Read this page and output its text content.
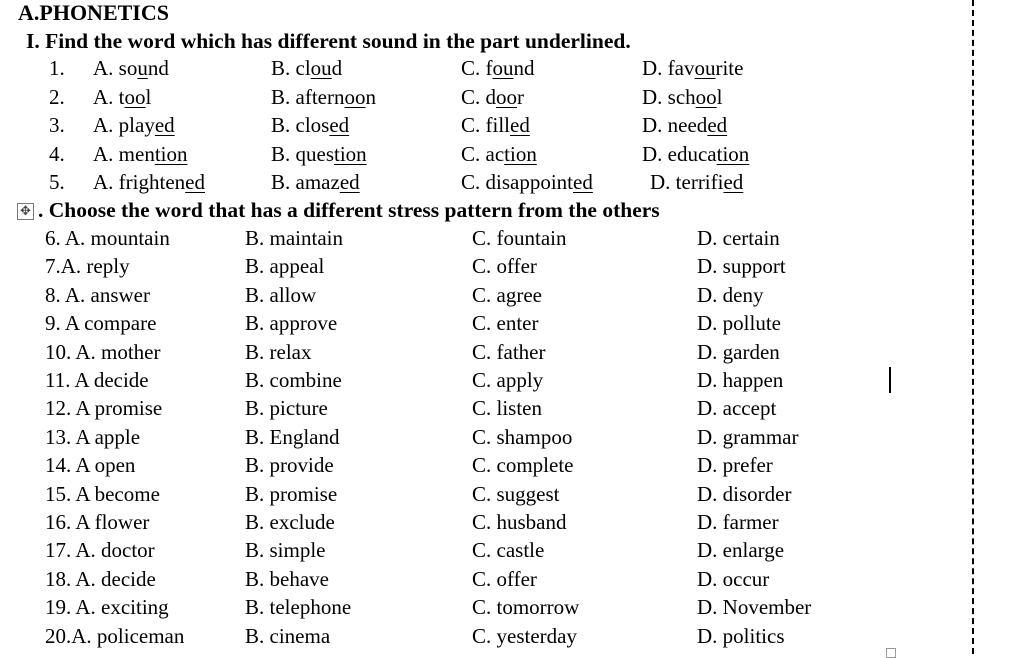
A.PHONETICS
I. Find the word which has different sound in the part underlined.
1. A. sound	B. cloud	C. found	D. favourite
2. A. tool	B. afternoon	C. door	D. school
3. A. played	B. closed	C. filled	D. needed
4. A. mention	B. question	C. action	D. education
5. A. frightened	B. amazed	C. disappointed	D. terrified
✥ . Choose the word that has a different stress pattern from the others
6. A. mountain	B. maintain	C. fountain	D. certain
7.A. reply	B. appeal	C. offer	D. support
8. A. answer	B. allow	C. agree	D. deny
9. A compare	B. approve	C. enter	D. pollute
10. A. mother	B. relax	C. father	D. garden
11. A decide	B. combine	C. apply	D. happen
12. A promise	B. picture	C. listen	D. accept
13. A apple	B. England	C. shampoo	D. grammar
14. A open	B. provide	C. complete	D. prefer
15. A become	B. promise	C. suggest	D. disorder
16. A flower	B. exclude	C. husband	D. farmer
17. A. doctor	B. simple	C. castle	D. enlarge
18. A. decide	B. behave	C. offer	D. occur
19. A. exciting	B. telephone	C. tomorrow	D. November
20.A. policeman	B. cinema	C. yesterday	D. politics
